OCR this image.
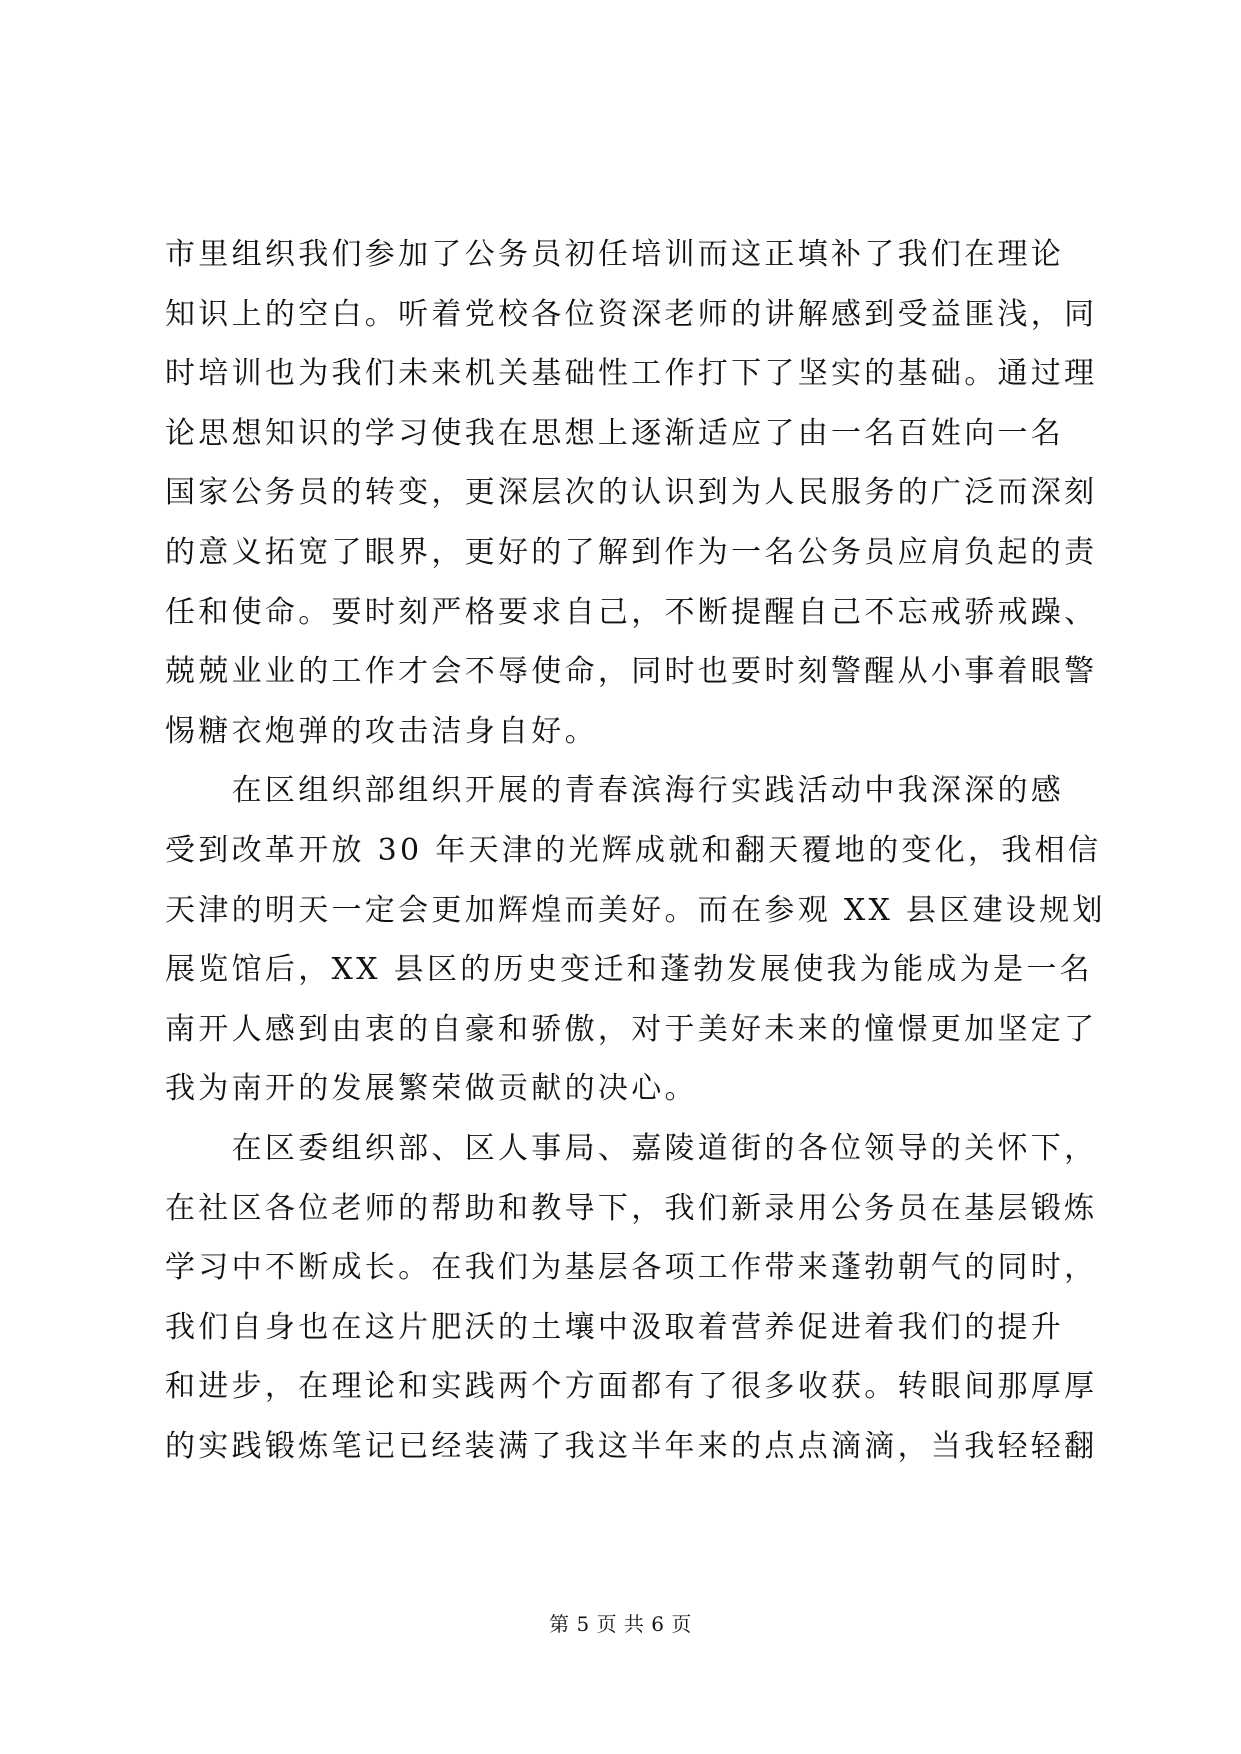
市里组织我们参加了公务员初任培训而这正填补了我们在理论
知识上的空白。听着党校各位资深老师的讲解感到受益匪浅，同
时培训也为我们未来机关基础性工作打下了坚实的基础。通过理
论思想知识的学习使我在思想上逐渐适应了由一名百姓向一名
国家公务员的转变，更深层次的认识到为人民服务的广泛而深刻
的意义拓宽了眼界，更好的了解到作为一名公务员应肩负起的责
任和使命。要时刻严格要求自己，不断提醒自己不忘戒骄戒躁、
兢兢业业的工作才会不辱使命，同时也要时刻警醒从小事着眼警
惕糖衣炮弹的攻击洁身自好。
　　在区组织部组织开展的青春滨海行实践活动中我深深的感
受到改革开放 30 年天津的光辉成就和翻天覆地的变化，我相信
天津的明天一定会更加辉煌而美好。而在参观 XX 县区建设规划
展览馆后，XX 县区的历史变迁和蓬勃发展使我为能成为是一名
南开人感到由衷的自豪和骄傲，对于美好未来的憧憬更加坚定了
我为南开的发展繁荣做贡献的决心。
　　在区委组织部、区人事局、嘉陵道街的各位领导的关怀下，
在社区各位老师的帮助和教导下，我们新录用公务员在基层锻炼
学习中不断成长。在我们为基层各项工作带来蓬勃朝气的同时，
我们自身也在这片肥沃的土壤中汲取着营养促进着我们的提升
和进步，在理论和实践两个方面都有了很多收获。转眼间那厚厚
的实践锻炼笔记已经装满了我这半年来的点点滴滴，当我轻轻翻
第 5 页 共 6 页
